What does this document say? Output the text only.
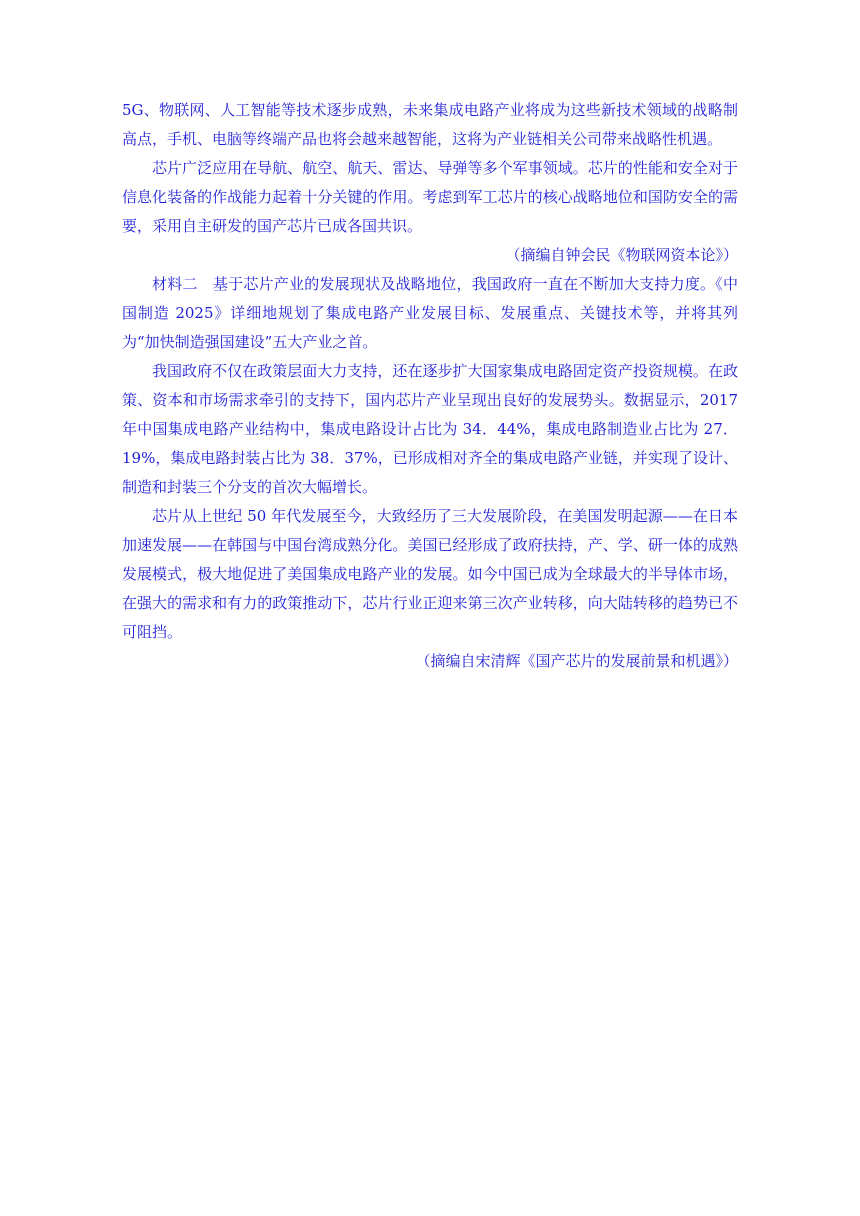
5G、物联网、人工智能等技术逐步成熟，未来集成电路产业将成为这些新技术领域的战略制高点，手机、电脑等终端产品也将会越来越智能，这将为产业链相关公司带来战略性机遇。

芯片广泛应用在导航、航空、航天、雷达、导弹等多个军事领域。芯片的性能和安全对于信息化装备的作战能力起着十分关键的作用。考虑到军工芯片的核心战略地位和国防安全的需要，采用自主研发的国产芯片已成各国共识。

（摘编自钟会民《物联网资本论》）

材料二　基于芯片产业的发展现状及战略地位，我国政府一直在不断加大支持力度。《中国制造 2025》详细地规划了集成电路产业发展目标、发展重点、关键技术等，并将其列为“加快制造强国建设”五大产业之首。

我国政府不仅在政策层面大力支持，还在逐步扩大国家集成电路固定资产投资规模。在政策、资本和市场需求牵引的支持下，国内芯片产业呈现出良好的发展势头。数据显示，2017 年中国集成电路产业结构中，集成电路设计占比为 34．44%，集成电路制造业占比为 27．19%，集成电路封装占比为 38．37%，已形成相对齐全的集成电路产业链，并实现了设计、制造和封装三个分支的首次大幅增长。

芯片从上世纪 50 年代发展至今，大致经历了三大发展阶段，在美国发明起源——在日本加速发展——在韩国与中国台湾成熟分化。美国已经形成了政府扶持，产、学、研一体的成熟发展模式，极大地促进了美国集成电路产业的发展。如今中国已成为全球最大的半导体市场，在强大的需求和有力的政策推动下，芯片行业正迎来第三次产业转移，向大陆转移的趋势已不可阻挡。

（摘编自宋清辉《国产芯片的发展前景和机遇》）
